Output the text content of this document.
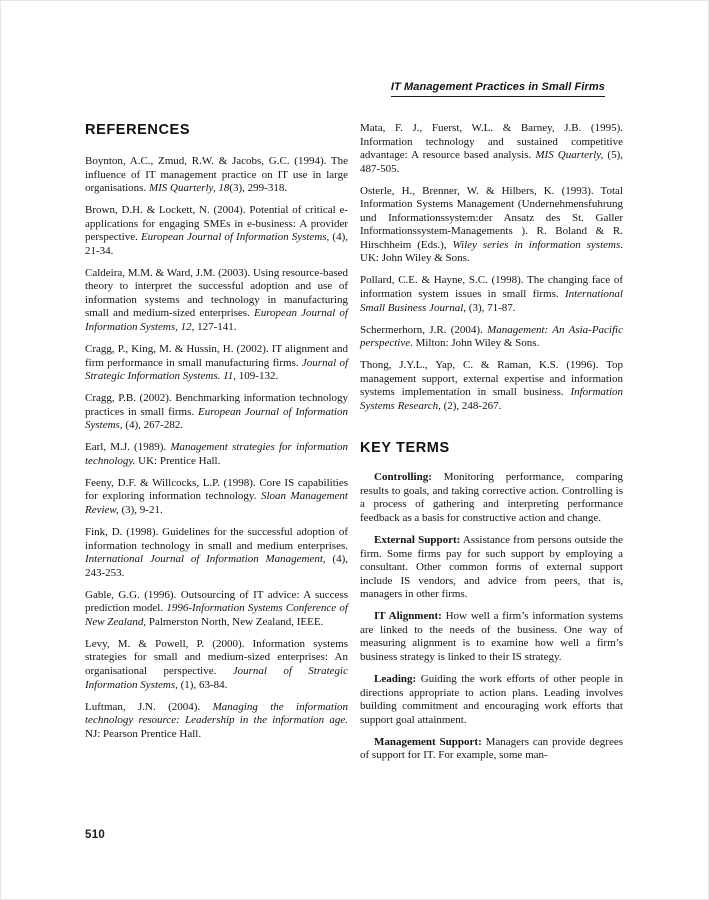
IT Management Practices in Small Firms
REFERENCES

Boynton, A.C., Zmud, R.W. & Jacobs, G.C. (1994). The influence of IT management practice on IT use in large organisations. MIS Quarterly, 18(3), 299-318.

Brown, D.H. & Lockett, N. (2004). Potential of critical e-applications for engaging SMEs in e-business: A provider perspective. European Journal of Information Systems, (4), 21-34.

Caldeira, M.M. & Ward, J.M. (2003). Using resource-based theory to interpret the successful adoption and use of information systems and technology in manufacturing small and medium-sized enterprises. European Journal of Information Systems, 12, 127-141.

Cragg, P., King, M. & Hussin, H. (2002). IT alignment and firm performance in small manufacturing firms. Journal of Strategic Information Systems. 11, 109-132.

Cragg, P.B. (2002). Benchmarking information technology practices in small firms. European Journal of Information Systems, (4), 267-282.

Earl, M.J. (1989). Management strategies for information technology. UK: Prentice Hall.

Feeny, D.F. & Willcocks, L.P. (1998). Core IS capabilities for exploring information technology. Sloan Management Review, (3), 9-21.

Fink, D. (1998). Guidelines for the successful adoption of information technology in small and medium enterprises. International Journal of Information Management, (4), 243-253.

Gable, G.G. (1996). Outsourcing of IT advice: A success prediction model. 1996-Information Systems Conference of New Zealand, Palmerston North, New Zealand, IEEE.

Levy, M. & Powell, P. (2000). Information systems strategies for small and medium-sized enterprises: An organisational perspective. Journal of Strategic Information Systems, (1), 63-84.

Luftman, J.N. (2004). Managing the information technology resource: Leadership in the information age. NJ: Pearson Prentice Hall.

Mata, F. J., Fuerst, W.L. & Barney, J.B. (1995). Information technology and sustained competitive advantage: A resource based analysis. MIS Quarterly, (5), 487-505.

Osterle, H., Brenner, W. & Hilbers, K. (1993). Total Information Systems Management (Undernehmensfuhrung und Informationssystem:der Ansatz des St. Galler Informationssystem-Managements ). R. Boland & R. Hirschheim (Eds.), Wiley series in information systems. UK: John Wiley & Sons.

Pollard, C.E. & Hayne, S.C. (1998). The changing face of information system issues in small firms. International Small Business Journal, (3), 71-87.

Schermerhorn, J.R. (2004). Management: An Asia-Pacific perspective. Milton: John Wiley & Sons.

Thong, J.Y.L., Yap, C. & Raman, K.S. (1996). Top management support, external expertise and information systems implementation in small business. Information Systems Research, (2), 248-267.

KEY TERMS

Controlling: Monitoring performance, comparing results to goals, and taking corrective action. Controlling is a process of gathering and interpreting performance feedback as a basis for constructive action and change.

External Support: Assistance from persons outside the firm. Some firms pay for such support by employing a consultant. Other common forms of external support include IS vendors, and advice from peers, that is, managers in other firms.

IT Alignment: How well a firm’s information systems are linked to the needs of the business. One way of measuring alignment is to examine how well a firm’s business strategy is linked to their IS strategy.

Leading: Guiding the work efforts of other people in directions appropriate to action plans. Leading involves building commitment and encouraging work efforts that support goal attainment.

Management Support: Managers can provide degrees of support for IT. For example, some man-

510
